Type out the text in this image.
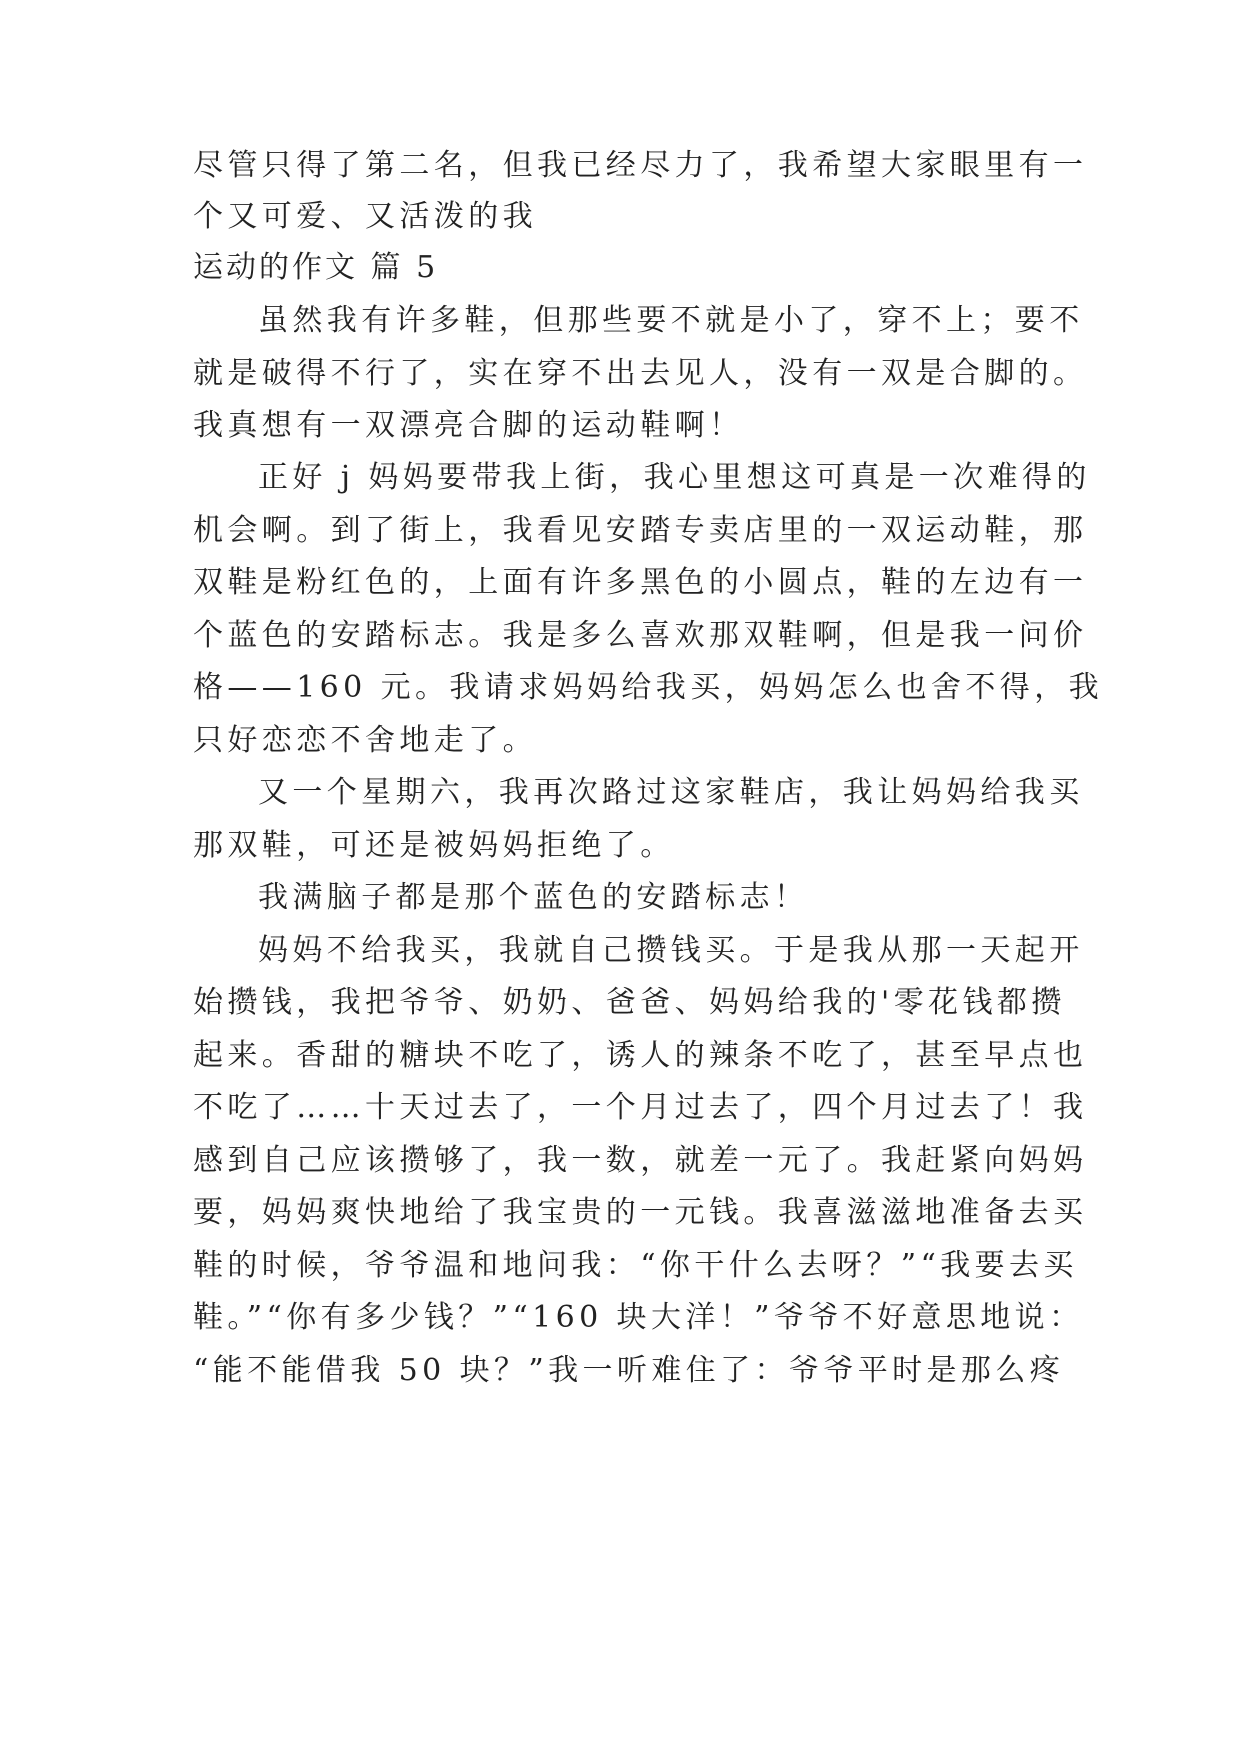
尽管只得了第二名，但我已经尽力了，我希望大家眼里有一

个又可爱、又活泼的我

运动的作文 篇 5

虽然我有许多鞋，但那些要不就是小了，穿不上；要不

就是破得不行了，实在穿不出去见人，没有一双是合脚的。

我真想有一双漂亮合脚的运动鞋啊！

正好 j 妈妈要带我上街，我心里想这可真是一次难得的

机会啊。到了街上，我看见安踏专卖店里的一双运动鞋，那

双鞋是粉红色的，上面有许多黑色的小圆点，鞋的左边有一

个蓝色的安踏标志。我是多么喜欢那双鞋啊，但是我一问价

格——160 元。我请求妈妈给我买，妈妈怎么也舍不得，我

只好恋恋不舍地走了。

又一个星期六，我再次路过这家鞋店，我让妈妈给我买

那双鞋，可还是被妈妈拒绝了。

我满脑子都是那个蓝色的安踏标志！

妈妈不给我买，我就自己攒钱买。于是我从那一天起开

始攒钱，我把爷爷、奶奶、爸爸、妈妈给我的'零花钱都攒

起来。香甜的糖块不吃了，诱人的辣条不吃了，甚至早点也

不吃了……十天过去了，一个月过去了，四个月过去了！我

感到自己应该攒够了，我一数，就差一元了。我赶紧向妈妈

要，妈妈爽快地给了我宝贵的一元钱。我喜滋滋地准备去买

鞋的时候，爷爷温和地问我：“你干什么去呀？”“我要去买

鞋。”“你有多少钱？”“160 块大洋！”爷爷不好意思地说：

“能不能借我 50 块？”我一听难住了：爷爷平时是那么疼
